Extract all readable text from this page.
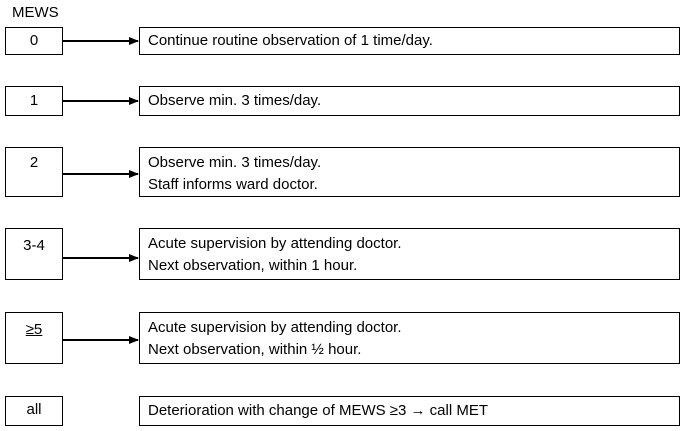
MEWS
0	Continue routine observation of 1 time/day.
1	Observe min. 3 times/day.
2	Observe min. 3 times/day.
Staff informs ward doctor.
3-4	Acute supervision by attending doctor.
Next observation, within 1 hour.
≥5	Acute supervision by attending doctor.
Next observation, within ½ hour.
all	Deterioration with change of MEWS ≥3 → call MET
